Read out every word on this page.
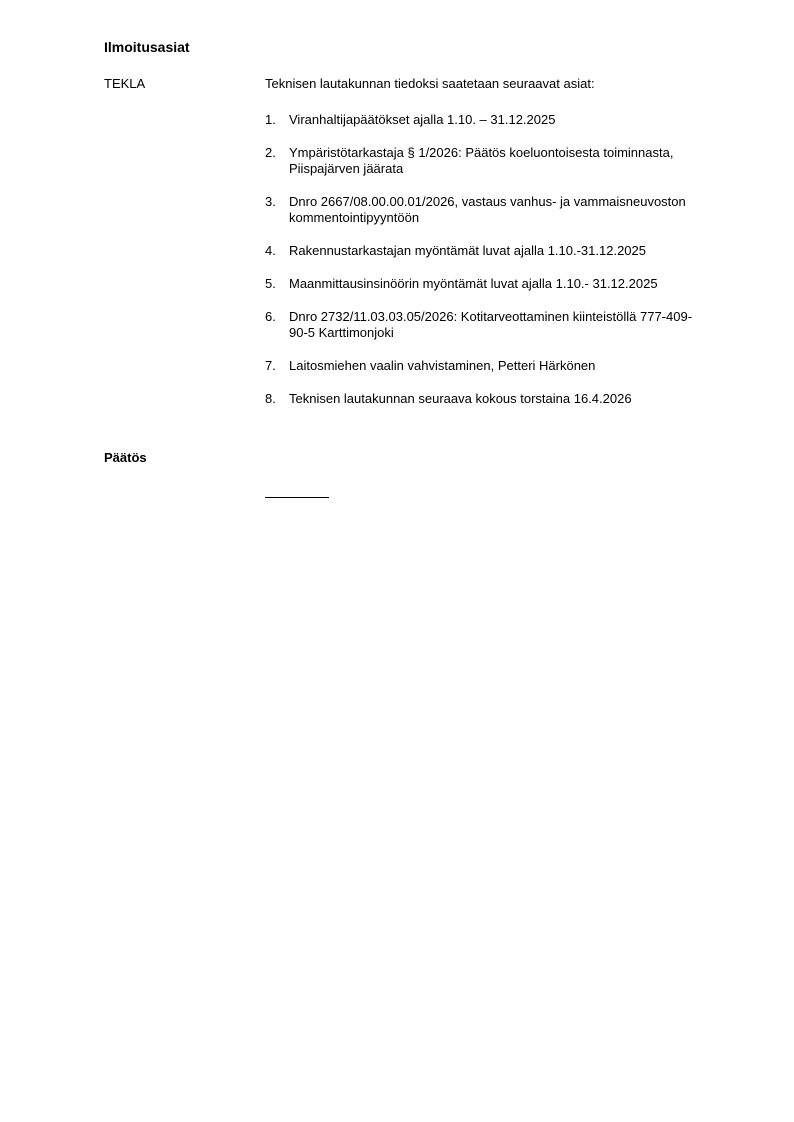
Ilmoitusasiat
TEKLA	Teknisen lautakunnan tiedoksi saatetaan seuraavat asiat:
1. Viranhaltijapäätökset ajalla 1.10. – 31.12.2025
2. Ympäristötarkastaja § 1/2026: Päätös koeluontoisesta toiminnasta, Piispajärven jäärata
3. Dnro 2667/08.00.00.01/2026, vastaus vanhus- ja vammaisneuvoston kommentointipyyntöön
4. Rakennustarkastajan myöntämät luvat ajalla 1.10.-31.12.2025
5. Maanmittausinsinöörin myöntämät luvat ajalla 1.10.- 31.12.2025
6. Dnro 2732/11.03.03.05/2026: Kotitarveottaminen kiinteistöllä 777-409-90-5 Karttimonjoki
7. Laitosmiehen vaalin vahvistaminen, Petteri Härkönen
8. Teknisen lautakunnan seuraava kokous torstaina 16.4.2026
Päätös
